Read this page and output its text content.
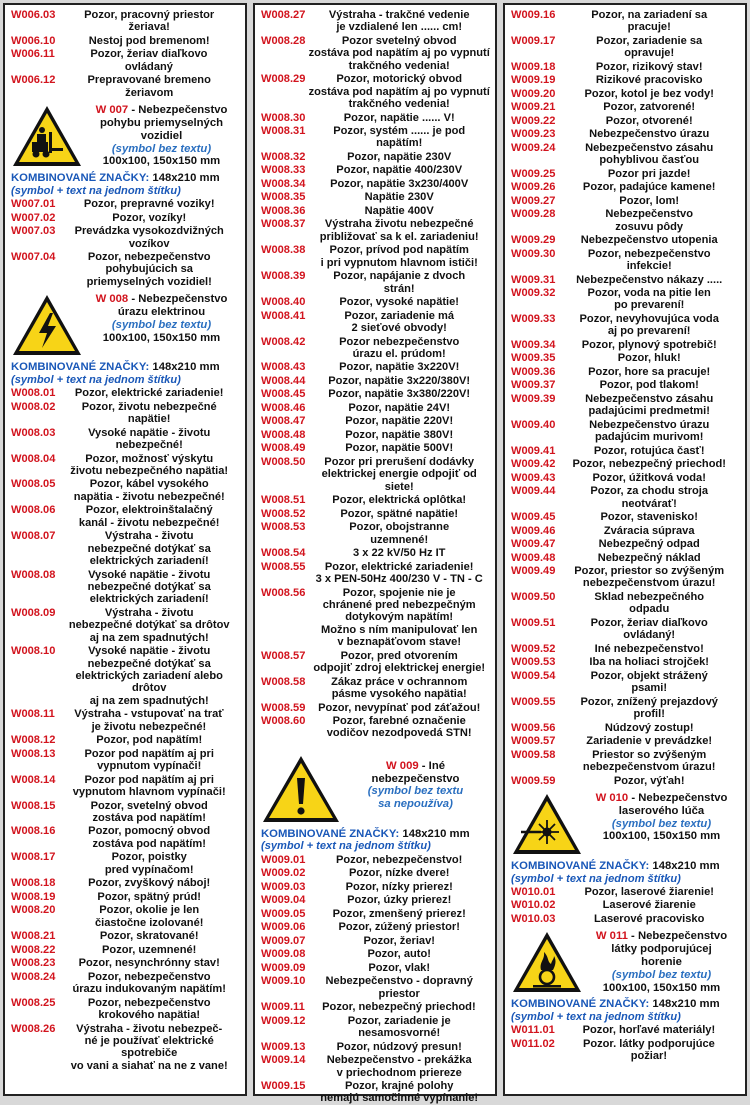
W006.03	Pozor, pracovný priestor
žeriava!
W006.10	Nestoj pod bremenom!
W006.11	Pozor, žeriav diaľkovo
ovládaný
W006.12	Prepravované bremeno
žeriavom
W 007 - Nebezpečenstvo
pohybu priemyselných
vozidiel
(symbol bez textu)
100x100, 150x150 mm
KOMBINOVANÉ ZNAČKY: 148x210 mm
(symbol + text na jednom štítku)
W007.01	Pozor, prepravné voziky!
W007.02	Pozor, vozíky!
W007.03	Prevádzka vysokozdvižných
vozíkov
W007.04	Pozor, nebezpečenstvo
pohybujúcich sa
priemyselných vozidiel!
W 008 - Nebezpečenstvo
úrazu elektrinou
(symbol bez textu)
100x100, 150x150 mm
KOMBINOVANÉ ZNAČKY: 148x210 mm
(symbol + text na jednom štítku)
W008.01	Pozor, elektrické zariadenie!
W008.02	Pozor, životu nebezpečné
napätie!
W008.03	Vysoké napätie - životu
nebezpečné!
W008.04	Pozor, možnosť výskytu
životu nebezpečného napätia!
W008.05	Pozor, kábel vysokého
napätia - životu nebezpečné!
W008.06	Pozor, elektroinštalačný
kanál - životu nebezpečné!
W008.07	Výstraha - životu
nebezpečné dotýkať sa
elektrických zariadení!
W008.08	Vysoké napätie - životu
nebezpečné dotýkať sa
elektrických zariadení!
W008.09	Výstraha - životu
nebezpečné dotýkať sa drôtov
aj na zem spadnutých!
W008.10	Vysoké napätie - životu
nebezpečné dotýkať sa
elektrických zariadení alebo drôtov
aj na zem spadnutých!
W008.11	Výstraha - vstupovať na trať
je životu nebezpečné!
W008.12	Pozor, pod napätím!
W008.13	Pozor pod napätím aj pri
vypnutom vypínači!
W008.14	Pozor pod napätím aj pri
vypnutom hlavnom vypínači!
W008.15	Pozor, svetelný obvod
zostáva pod napätím!
W008.16	Pozor, pomocný obvod
zostáva pod napätím!
W008.17	Pozor, poistky
pred vypínačom!
W008.18	Pozor, zvyškový náboj!
W008.19	Pozor, spätný prúd!
W008.20	Pozor, okolie je len
čiastočne izolované!
W008.21	Pozor, skratované!
W008.22	Pozor, uzemnené!
W008.23	Pozor, nesynchrónny stav!
W008.24	Pozor, nebezpečenstvo
úrazu indukovaným napätím!
W008.25	Pozor, nebezpečenstvo
krokového napätia!
W008.26	Výstraha - životu nebezpeč-
né je používať elektrické spotrebiče
vo vani a siahať na ne z vane!
W008.27	Výstraha - trakčné vedenie
je vzdialené len ...... cm!
W008.28	Pozor svetelný obvod
zostáva pod napätím aj po vypnutí
trakčného vedenia!
W008.29	Pozor, motorický obvod
zostáva pod napätím aj po vypnutí
trakčného vedenia!
W008.30	Pozor, napätie ...... V!
W008.31	Pozor, systém ...... je pod
napätím!
W008.32	Pozor, napätie 230V
W008.33	Pozor, napätie 400/230V
W008.34	Pozor, napätie 3x230/400V
W008.35	Napätie 230V
W008.36	Napätie 400V
W008.37	Výstraha životu nebezpečné
približovať sa k el. zariadeniu!
W008.38	Pozor, prívod pod napätím
i pri vypnutom hlavnom ističi!
W008.39	Pozor, napájanie z dvoch
strán!
W008.40	Pozor, vysoké napätie!
W008.41	Pozor, zariadenie má
2 sieťové obvody!
W008.42	Pozor nebezpečenstvo
úrazu el. prúdom!
W008.43	Pozor, napätie 3x220V!
W008.44	Pozor, napätie 3x220/380V!
W008.45	Pozor, napätie 3x380/220V!
W008.46	Pozor, napätie 24V!
W008.47	Pozor, napätie 220V!
W008.48	Pozor, napätie 380V!
W008.49	Pozor, napätie 500V!
W008.50	Pozor pri prerušení dodávky
elektrickej energie odpojiť od siete!
W008.51	Pozor, elektrická oplôtka!
W008.52	Pozor, spätné napätie!
W008.53	Pozor, obojstranne
uzemnené!
W008.54	3 x 22 kV/50 Hz IT
W008.55	Pozor, elektrické zariadenie!
3 x PEN-50Hz 400/230 V - TN - C
W008.56	Pozor, spojenie nie je
chránené pred nebezpečným
dotykovým napätím!
Možno s ním manipulovať len
v beznapäťovom stave!
W008.57	Pozor, pred otvorením
odpojiť zdroj elektrickej energie!
W008.58	Zákaz práce v ochrannom
pásme vysokého napätia!
W008.59	Pozor, nevypínať pod záťažou!
W008.60	Pozor, farebné označenie
vodičov nezodpovedá STN!
W 009 - Iné
nebezpečenstvo
(symbol bez textu
sa nepoužíva)
KOMBINOVANÉ ZNAČKY: 148x210 mm
(symbol + text na jednom štítku)
W009.01	Pozor, nebezpečenstvo!
W009.02	Pozor, nízke dvere!
W009.03	Pozor, nízky prierez!
W009.04	Pozor, úzky prierez!
W009.05	Pozor, zmenšený prierez!
W009.06	Pozor, zúžený priestor!
W009.07	Pozor, žeriav!
W009.08	Pozor, auto!
W009.09	Pozor, vlak!
W009.10	Nebezpečenstvo - dopravný
priestor
W009.11	Pozor, nebezpečný priechod!
W009.12	Pozor, zariadenie je
nesamosvorné!
W009.13	Pozor, núdzový presun!
W009.14	Nebezpečenstvo - prekážka
v priechodnom priereze
W009.15	Pozor, krajné polohy
nemajú samočinné vypínanie!
W009.16	Pozor, na zariadení sa
pracuje!
W009.17	Pozor, zariadenie sa
opravuje!
W009.18	Pozor, rizikový stav!
W009.19	Rizikové pracovisko
W009.20	Pozor, kotol je bez vody!
W009.21	Pozor, zatvorené!
W009.22	Pozor, otvorené!
W009.23	Nebezpečenstvo úrazu
W009.24	Nebezpečenstvo zásahu
pohyblivou časťou
W009.25	Pozor pri jazde!
W009.26	Pozor, padajúce kamene!
W009.27	Pozor, lom!
W009.28	Nebezpečenstvo
zosuvu pôdy
W009.29	Nebezpečenstvo utopenia
W009.30	Pozor, nebezpečenstvo
infekcie!
W009.31	Nebezpečenstvo nákazy .....
W009.32	Pozor, voda na pitie len
po prevarení!
W009.33	Pozor, nevyhovujúca voda
aj po prevarení!
W009.34	Pozor, plynový spotrebič!
W009.35	Pozor, hluk!
W009.36	Pozor, hore sa pracuje!
W009.37	Pozor, pod tlakom!
W009.39	Nebezpečenstvo zásahu
padajúcimi predmetmi!
W009.40	Nebezpečenstvo úrazu
padajúcim murivom!
W009.41	Pozor, rotujúca časť!
W009.42	Pozor, nebezpečný priechod!
W009.43	Pozor, úžitková voda!
W009.44	Pozor, za chodu stroja
neotvárať!
W009.45	Pozor, stavenisko!
W009.46	Zváracia súprava
W009.47	Nebezpečný odpad
W009.48	Nebezpečný náklad
W009.49	Pozor, priestor so zvýšeným
nebezpečenstvom úrazu!
W009.50	Sklad nebezpečného
odpadu
W009.51	Pozor, žeriav diaľkovo
ovládaný!
W009.52	Iné nebezpečenstvo!
W009.53	Iba na holiaci strojček!
W009.54	Pozor, objekt strážený
psami!
W009.55	Pozor, znížený prejazdový
profil!
W009.56	Núdzový zostup!
W009.57	Zariadenie v prevádzke!
W009.58	Priestor so zvýšeným
nebezpečenstvom úrazu!
W009.59	Pozor, výťah!
W 010 - Nebezpečenstvo
laserového lúča
(symbol bez textu)
100x100, 150x150 mm
KOMBINOVANÉ ZNAČKY: 148x210 mm
(symbol + text na jednom štítku)
W010.01	Pozor, laserové žiarenie!
W010.02	Laserové žiarenie
W010.03	Laserové pracovisko
W 011 - Nebezpečenstvo
látky podporujúcej
horenie
(symbol bez textu)
100x100, 150x150 mm
KOMBINOVANÉ ZNAČKY: 148x210 mm
(symbol + text na jednom štítku)
W011.01	Pozor, horľavé materiály!
W011.02	Pozor. látky podporujúce
požiar!
